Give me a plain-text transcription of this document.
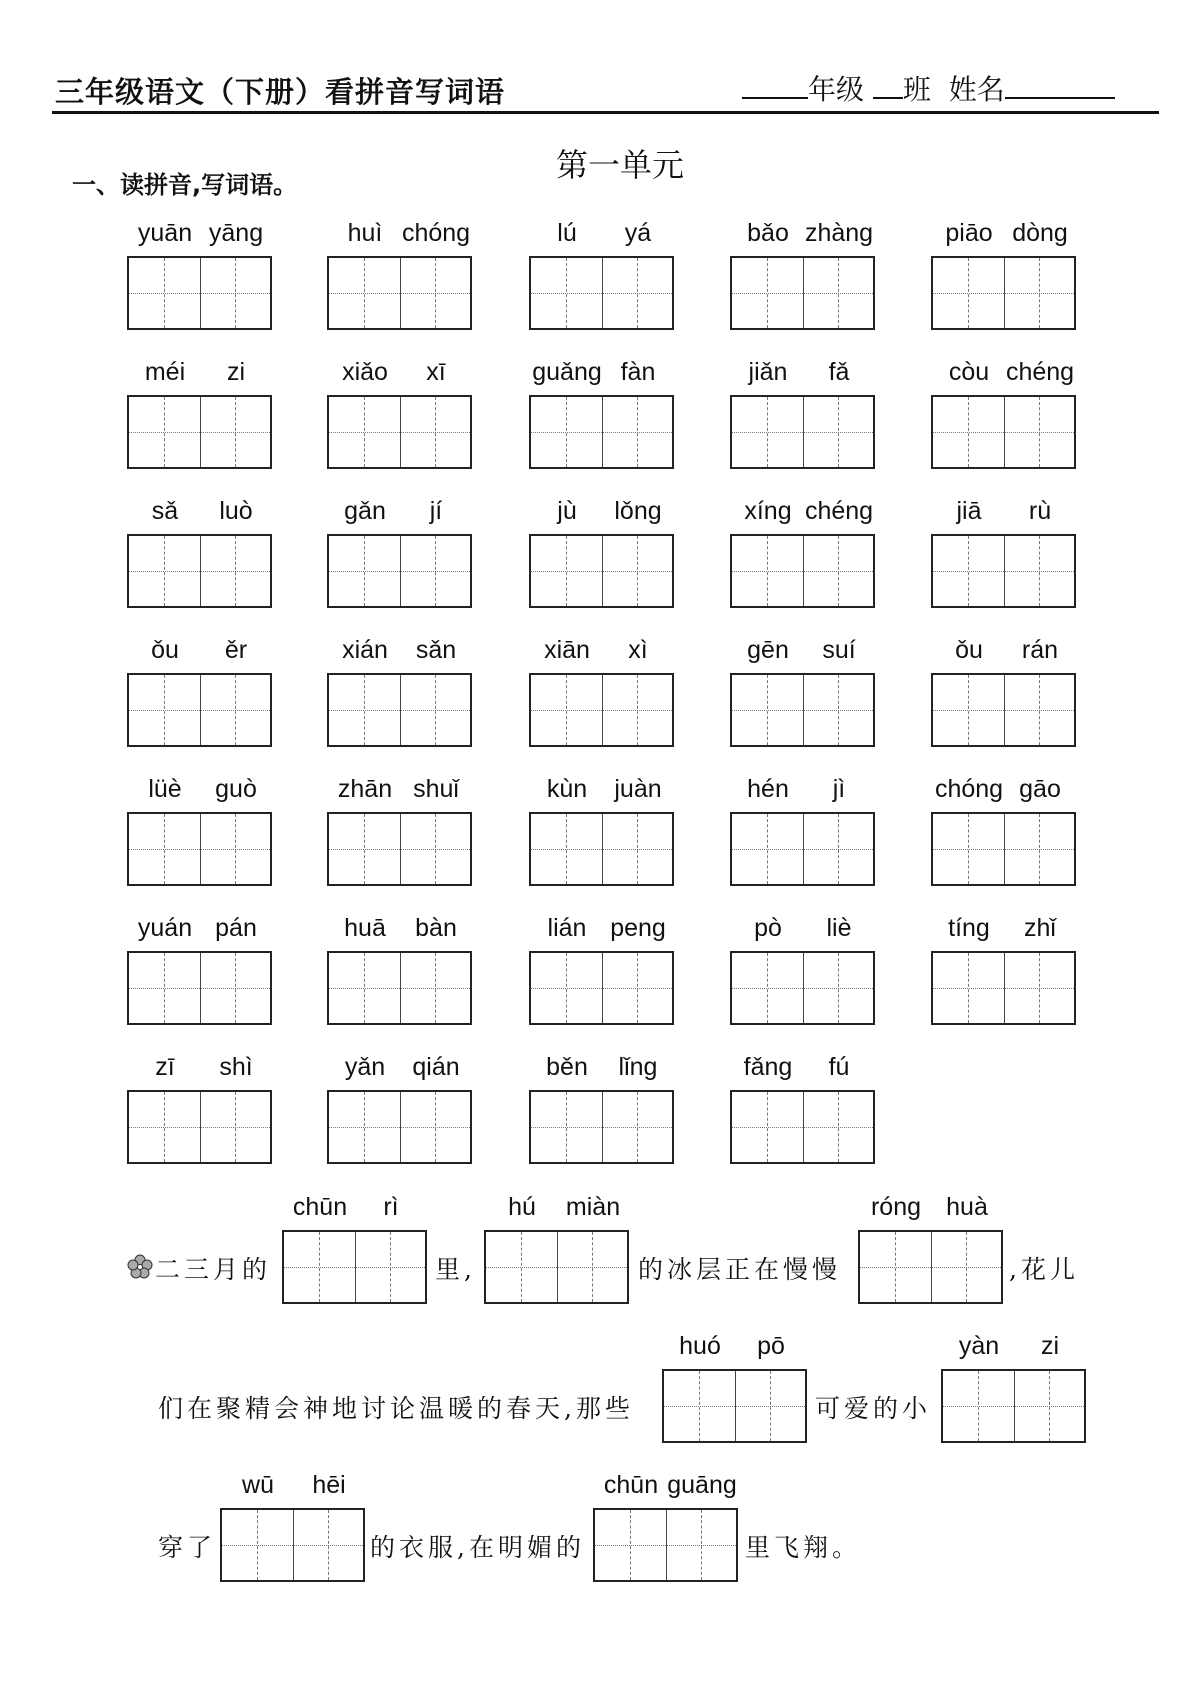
三年级语文（下册）看拼音写词语	年级 班 姓名
第一单元
一、读拼音,写词语。
yuān yāng	huì chóng	lú	yá	bǎo zhàng	piāo dòng
méi	zi	xiǎo	xī	guǎng fàn	jiǎn	fǎ	còu chéng
sǎ	luò	gǎn	jí	jù	lǒng	xíng chéng	jiā	rù
ǒu	ěr	xián	sǎn	xiān	xì	gēn	suí	ǒu	rán
lüè	guò	zhān shuǐ	kùn	juàn	hén	jì	chóng gāo
yuán pán	huā	bàn	lián peng	pò	liè	tíng	zhǐ
zī	shì	yǎn	qián	běn	lǐng	fǎng	fú
二三月的
chūn	rì
里,
hú	miàn
的冰层正在慢慢
róng	huà
,花儿
们在聚精会神地讨论温暖的春天,那些
huó	pō
可爱的小
yàn	zi
穿了
wū	hēi
的衣服,在明媚的
chūn guāng
里飞翔。
